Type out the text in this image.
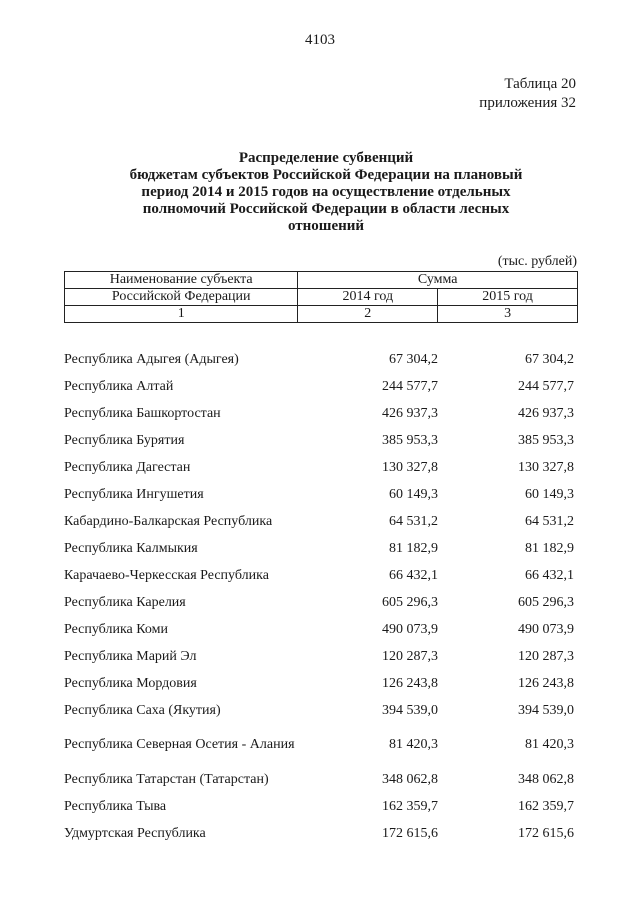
4103
Таблица 20
приложения 32
Распределение субвенций
бюджетам субъектов Российской Федерации на плановый
период 2014 и 2015 годов на осуществление отдельных
полномочий Российской Федерации в области лесных
отношений
(тыс. рублей)
Наименование субъекта	Сумма	

Российской Федерации	2014 год	2015 год
1	2	3
Республика Адыгея (Адыгея)	67 304,2	67 304,2
Республика Алтай	244 577,7	244 577,7
Республика Башкортостан	426 937,3	426 937,3
Республика Бурятия	385 953,3	385 953,3
Республика Дагестан	130 327,8	130 327,8
Республика Ингушетия	60 149,3	60 149,3
Кабардино-Балкарская Республика	64 531,2	64 531,2
Республика Калмыкия	81 182,9	81 182,9
Карачаево-Черкесская Республика	66 432,1	66 432,1
Республика Карелия	605 296,3	605 296,3
Республика Коми	490 073,9	490 073,9
Республика Марий Эл	120 287,3	120 287,3
Республика Мордовия	126 243,8	126 243,8
Республика Саха (Якутия)	394 539,0	394 539,0
Республика Северная Осетия - Алания	81 420,3	81 420,3
Республика Татарстан (Татарстан)	348 062,8	348 062,8
Республика Тыва	162 359,7	162 359,7
Удмуртская Республика	172 615,6	172 615,6
